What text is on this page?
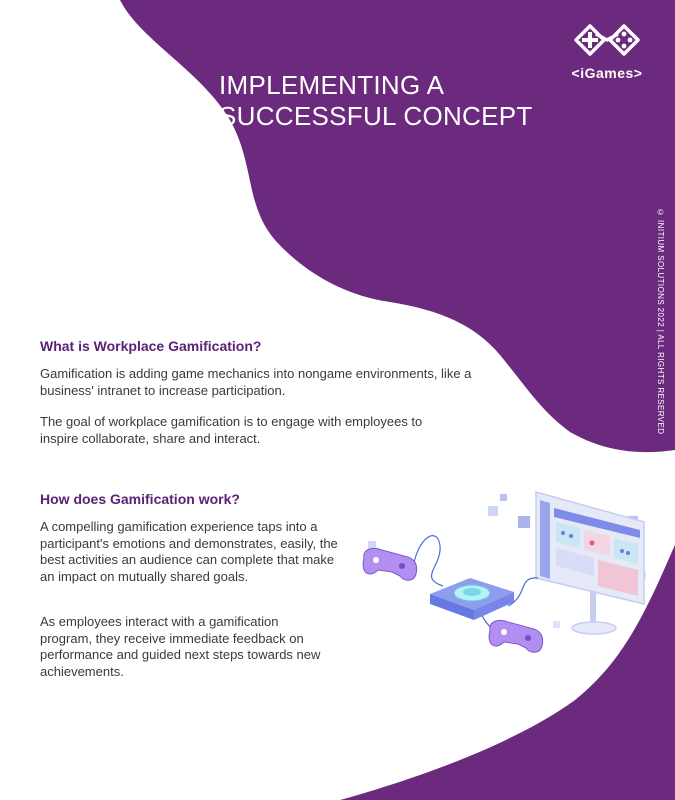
IMPLEMENTING A
SUCCESSFUL CONCEPT
<iGames>
© INITIUM SOLUTIONS 2022 | ALL RIGHTS RESERVED
What is Workplace Gamification?

Gamification is adding game mechanics into nongame environments, like a business' intranet to increase participation.

The goal of workplace gamification is to engage with employees to inspire collaborate, share and interact.

How does Gamification work?

A compelling gamification experience taps into a participant's emotions and demonstrates, easily, the best activities an audience can complete that make an impact on mutually shared goals.

As employees interact with a gamification program, they receive immediate feedback on performance and guided next steps towards new achievements.
